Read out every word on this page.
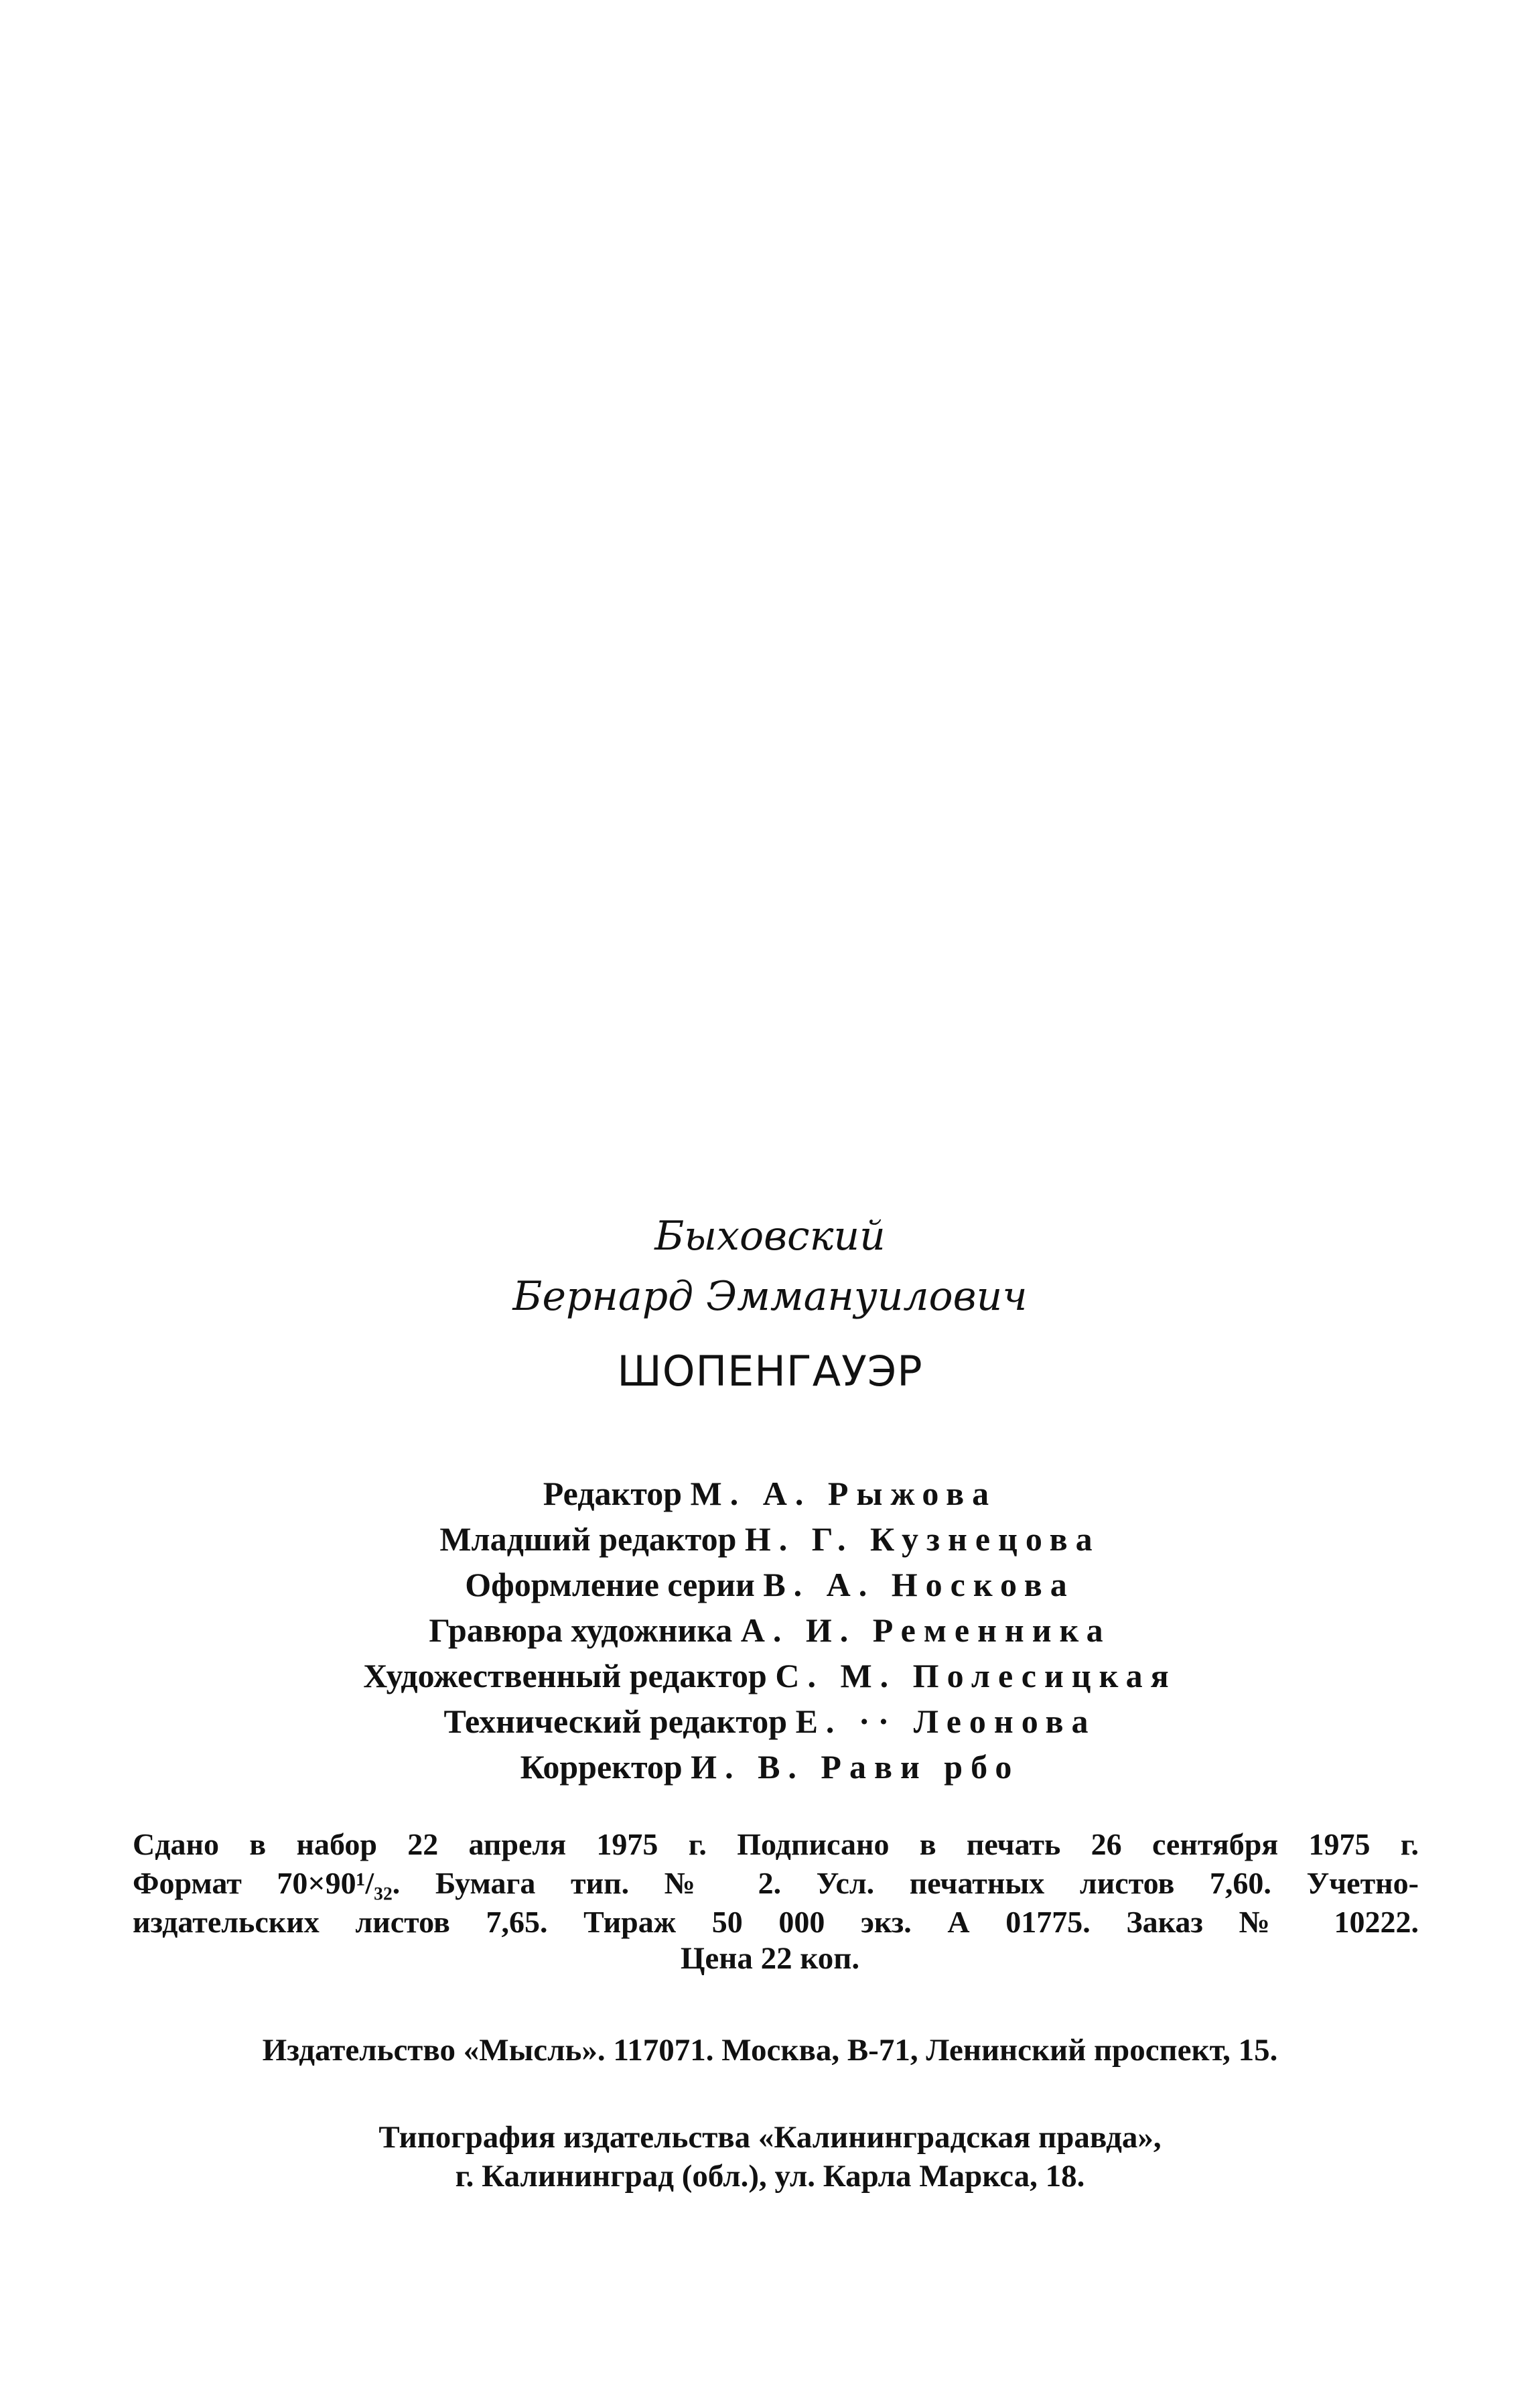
Быховский
Бернард Эммануилович
ШОПЕНГАУЭР
Редактор М. А. Рыжова
Младший редактор Н. Г. Кузнецова
Оформление серии В. А. Носкова
Гравюра художника А. И. Ременника
Художественный редактор С. М. Полесицкая
Технический редактор Е. ·· Леонова
Корректор И. В. Рави рбо
Сдано в набор 22 апреля 1975 г. Подписано в печать 26 сентября 1975 г.
Формат 70×90¹/₃₂. Бумага тип. № 2. Усл. печатных листов 7,60. Учетно-
издательских листов 7,65. Тираж 50 000 экз. А 01775. Заказ № 10222.
Цена 22 коп.
Издательство «Мысль». 117071. Москва, В-71, Ленинский проспект, 15.
Типография издательства «Калининградская правда»,
г. Калининград (обл.), ул. Карла Маркса, 18.
